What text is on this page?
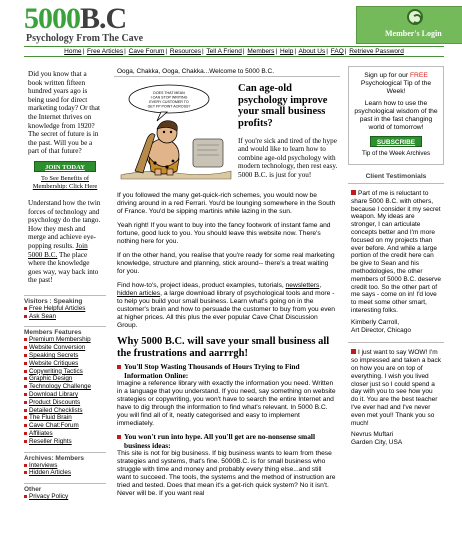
5000B.C
Psychology From The Cave	Member's Login
Home| Free Articles| Cave Forum| Resources| Tell A Friend| Members| Help| About Us| FAQ| Retrieve Password
Did you know that a book written fifteen hundred years ago is being used for direct marketing today? Or that the Internet thrives on knowledge from 1920? The secret of future is in the past. Will you be a part of that future?
JOIN TODAY
To See Benefits of Membership: Click Here
Understand how the twin forces of technology and psychology do the tango. How they mesh and merge and achieve eye-popping results. Join 5000 B.C. The place where the knowledge goes way, way back into the past!
Visitors : Speaking
Free Helpful Articles
Ask Sean
Members Features
Premium Membership
Website Conversion
Speaking Secrets
Website Critiques
Copywriting Tactics
Graphic Design
Technology Challenge
Download Library
Product Discounts
Detailed Checklists
The Fluid Brain
Cave Chat:Forum
Affiliates
Reseller Rights
Archives: Members
Interviews
Hidden Articles
Other
Privacy Policy
Ooga, Chakka, Ooga, Chakka...Welcome to 5000 B.C.
DOES THAT MEAN
I CAN STOP WRITING
EVERY CUSTOMER TO
GET FP POINT ACROSS?
Can age-old psychology improve your small business profits?
If you're sick and tired of the hype and would like to learn how to combine age-old psychology with modern technology, then rest easy. 5000 B.C. is just for you!

If you followed the many get-quick-rich schemes, you would now be driving around in a red Ferrari. You'd be lounging somewhere in the South of France. You'd be sipping martinis while lazing in the sun.

Yeah right! If you want to buy into the fancy footwork of instant fame and fortune, good luck to you. You should leave this website now. There's nothing here for you.

If on the other hand, you realise that you're ready for some real marketing knowledge, structure and planning, stick around-- there's a treat waiting for you.

Find how-to's, project ideas, product examples, tutorials, newsletters, hidden articles, a large download library of psychological tools and more - to help you build your small business. Learn what's going on in the customer's brain and how to persuade the customer to buy from you even at higher prices. All this plus the ever popular Cave Chat Discussion Group.

Why 5000 B.C. will save your small business all the frustrations and aarrrgh!
You'll Stop Wasting Thousands of Hours Trying to Find Information Online:

Imagine a reference library with exactly the information you need. Written in a language that you understand. If you need, say something on website strategies or copywriting, you won't have to search the entire Internet and have to dig through the information to find what's relevant. In 5000 B.C. you will find all of it, neatly categorised and easy to implement immediately.

You won't run into hype. All you'll get are no-nonsense small business ideas:

This site is not for big business. If big business wants to learn from these strategies and systems, that's fine. 5000B.C. is for small business who struggle with time and money and probably every thing else...and still want to succeed. The tools, the systems and the method of instruction are tried and tested. Does that mean it's a get-rich quick system? No it isn't. Never will be. If you want real

Sign up for our FREE Psychological Tip of the Week!

Learn how to use the psychological wisdom of the past in the fast changing world of tomorrow!

SUBSCRIBE
Tip of the Week Archives
Client Testimonials
Part of me is reluctant to share 5000 B.C. with others, because I consider it my secret weapon. My ideas are stronger, I can articulate concepts better and I'm more focused on my projects than ever before. And while a large portion of the credit here can be give to Sean and his methodologies, the other members of 5000 B.C. deserve credit too. So the other part of me says - come on in! I'd love to meet some other smart, interesting folks.
Kimberly Carroll,
Art Director, Chicago
I just want to say WOW! I'm so impressed and taken a back on how you are on top of everything. I wish you lived closer just so I could spend a day with you to see how you do it. You are the best teacher I've ever had and I've never even met you!! Thank you so much!
Nevrus Muftari
Garden City, USA
